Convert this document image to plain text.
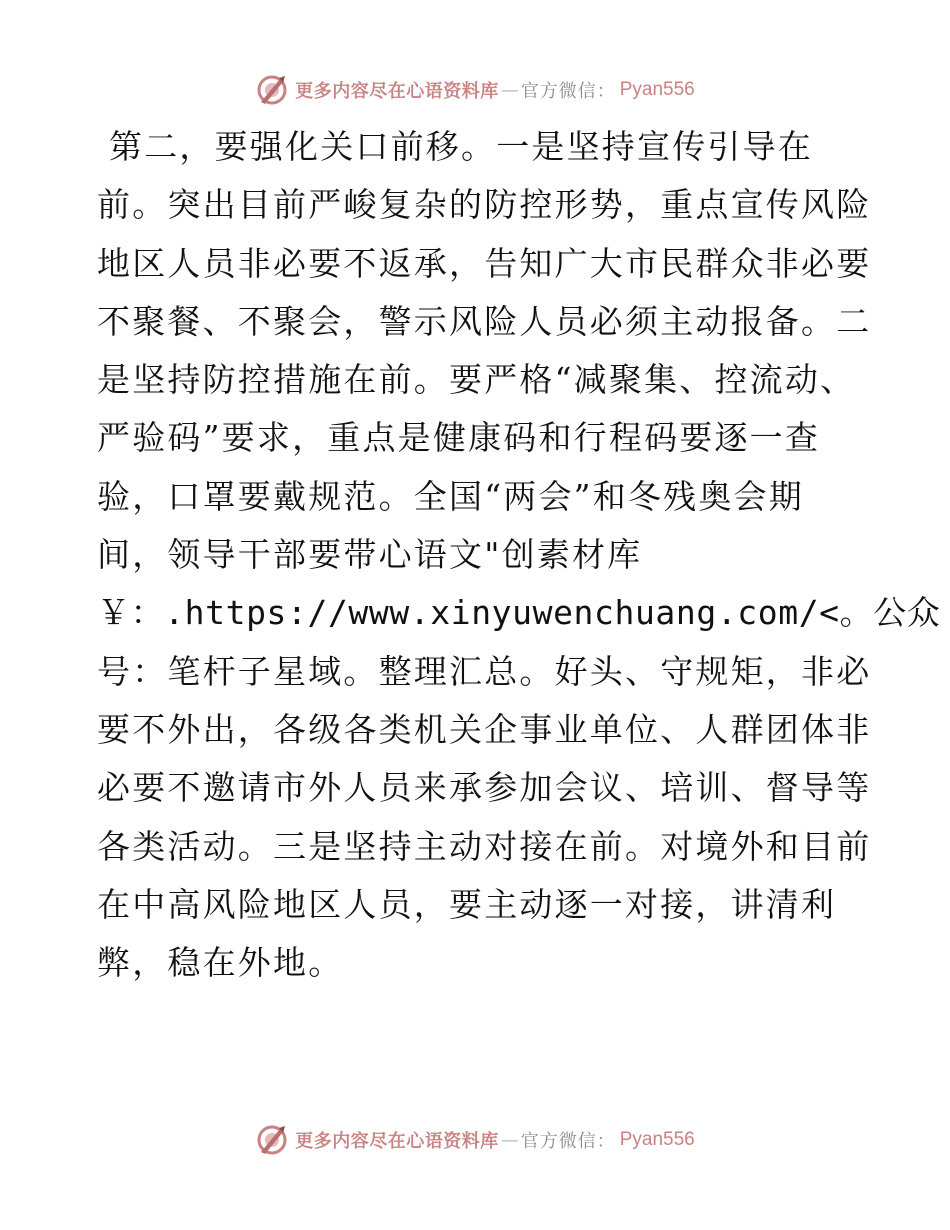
更多内容尽在心语资料库 — 官方微信： Pyan556
第二，要强化关口前移。一是坚持宣传引导在
前。突出目前严峻复杂的防控形势，重点宣传风险
地区人员非必要不返承，告知广大市民群众非必要
不聚餐、不聚会，警示风险人员必须主动报备。二
是坚持防控措施在前。要严格“减聚集、控流动、
严验码”要求，重点是健康码和行程码要逐一查
验，口罩要戴规范。全国“两会”和冬残奥会期
间，领导干部要带心语文"创素材库
￥：.https://www.xinyuwenchuang.com/<。公众
号：笔杆子星域。整理汇总。好头、守规矩，非必
要不外出，各级各类机关企事业单位、人群团体非
必要不邀请市外人员来承参加会议、培训、督导等
各类活动。三是坚持主动对接在前。对境外和目前
在中高风险地区人员，要主动逐一对接，讲清利
弊，稳在外地。
更多内容尽在心语资料库 — 官方微信： Pyan556
